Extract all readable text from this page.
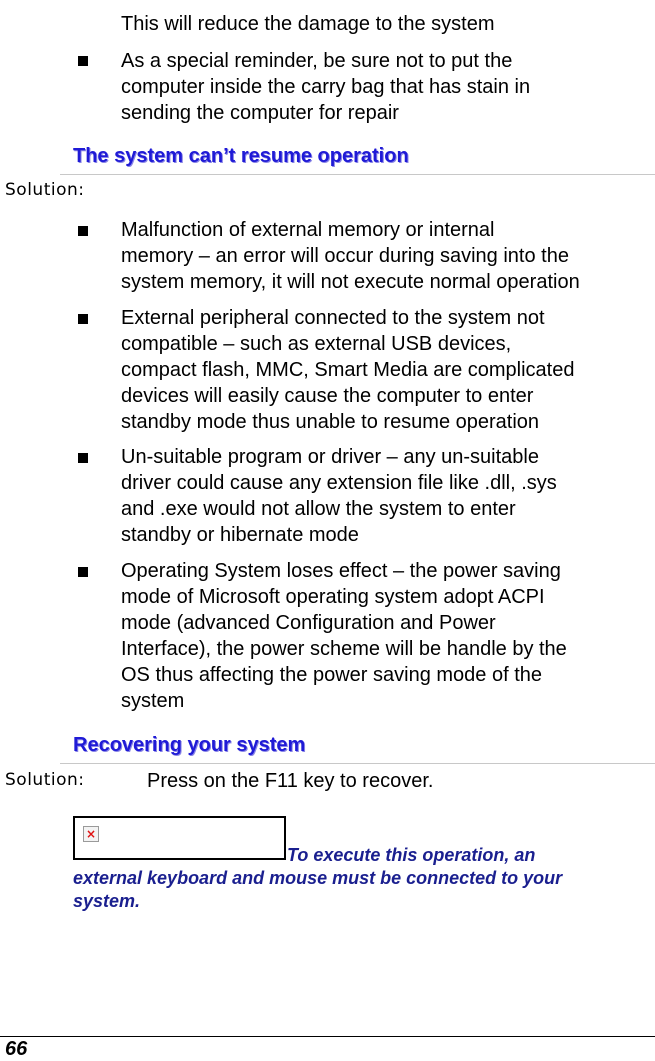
This will reduce the damage to the system
As a special reminder, be sure not to put the
computer inside the carry bag that has stain in
sending the computer for repair
The system can’t resume operation
Solution:
Malfunction of external memory or internal
memory – an error will occur during saving into the
system memory, it will not execute normal operation
External peripheral connected to the system not
compatible – such as external USB devices,
compact flash, MMC, Smart Media are complicated
devices will easily cause the computer to enter
standby mode thus unable to resume operation
Un-suitable program or driver – any un-suitable
driver could cause any extension file like .dll, .sys
and .exe would not allow the system to enter
standby or hibernate mode
Operating System loses effect – the power saving
mode of Microsoft operating system adopt ACPI
mode (advanced Configuration and Power
Interface), the power scheme will be handle by the
OS thus affecting the power saving mode of the
system
Recovering your system
Solution:	Press on the F11 key to recover.
×
To execute this operation, an
external keyboard and mouse must be connected to your
system.
66
